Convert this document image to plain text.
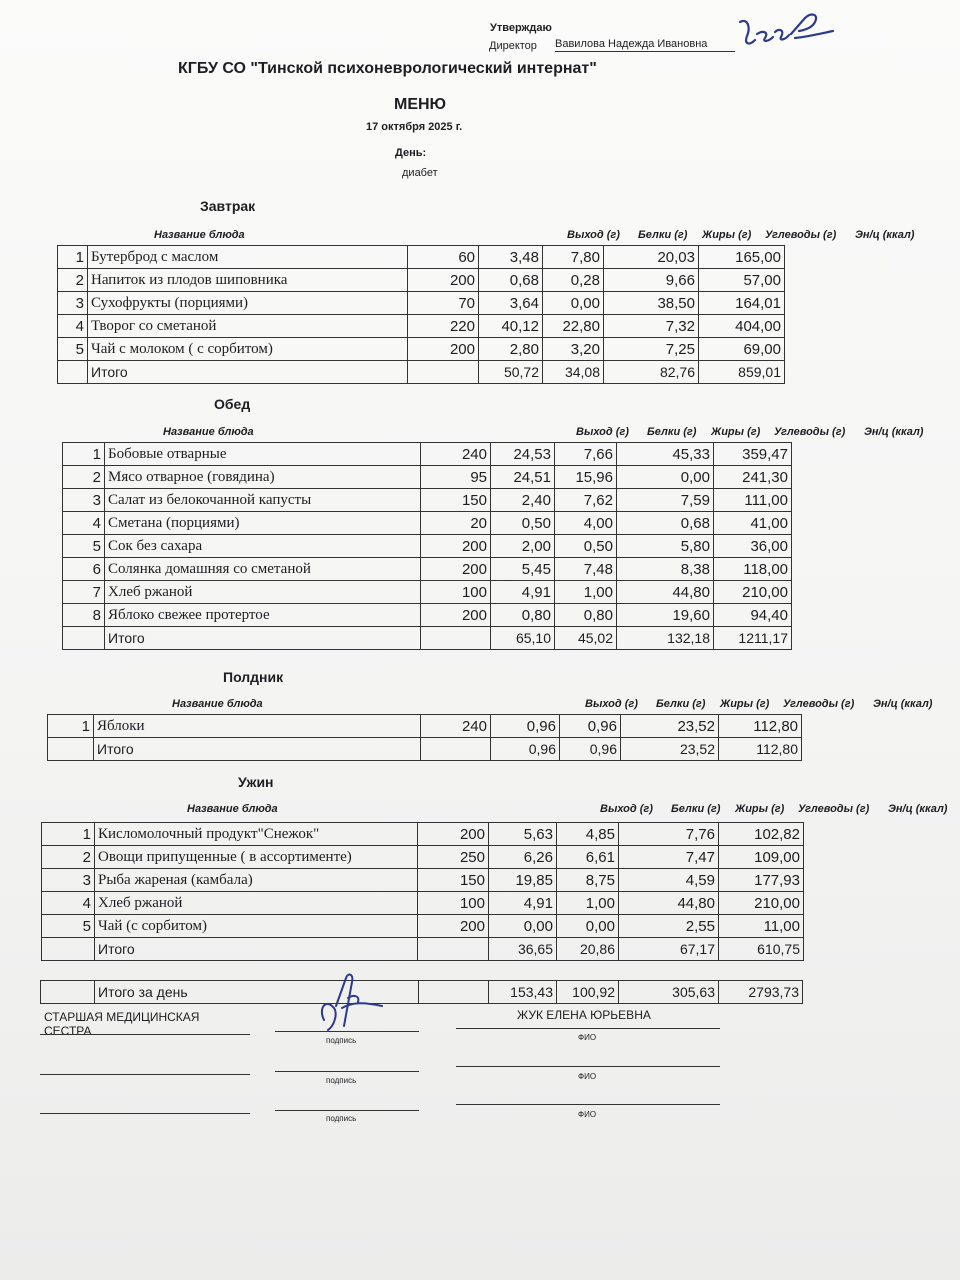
Утверждаю
Директор Вавилова Надежда Ивановна
КГБУ СО "Тинской психоневрологический интернат"
МЕНЮ
17 октября 2025 г.
День:
диабет
Завтрак
Название блюда	Выход (г) Белки (г) Жиры (г) Углеводы (г) Эн/ц (ккал)
1	Бутерброд с маслом	60	3,48	7,80	20,03	165,00
2	Напиток из плодов шиповника	200	0,68	0,28	9,66	57,00
3	Сухофрукты (порциями)	70	3,64	0,00	38,50	164,01
4	Творог со сметаной	220	40,12	22,80	7,32	404,00
5	Чай с молоком ( с сорбитом)	200	2,80	3,20	7,25	69,00
	Итого		50,72	34,08	82,76	859,01
Обед
Название блюда	Выход (г) Белки (г) Жиры (г) Углеводы (г) Эн/ц (ккал)
1	Бобовые отварные	240	24,53	7,66	45,33	359,47
2	Мясо отварное (говядина)	95	24,51	15,96	0,00	241,30
3	Салат из белокочанной капусты	150	2,40	7,62	7,59	111,00
4	Сметана (порциями)	20	0,50	4,00	0,68	41,00
5	Сок без сахара	200	2,00	0,50	5,80	36,00
6	Солянка домашняя со сметаной	200	5,45	7,48	8,38	118,00
7	Хлеб ржаной	100	4,91	1,00	44,80	210,00
8	Яблоко свежее протертое	200	0,80	0,80	19,60	94,40
	Итого		65,10	45,02	132,18	1211,17
Полдник
Название блюда	Выход (г) Белки (г) Жиры (г) Углеводы (г) Эн/ц (ккал)
1	Яблоки	240	0,96	0,96	23,52	112,80
	Итого		0,96	0,96	23,52	112,80
Ужин
Название блюда	Выход (г) Белки (г) Жиры (г) Углеводы (г) Эн/ц (ккал)
1	Кисломолочный продукт"Снежок"	200	5,63	4,85	7,76	102,82
2	Овощи припущенные ( в ассортименте)	250	6,26	6,61	7,47	109,00
3	Рыба жареная (камбала)	150	19,85	8,75	4,59	177,93
4	Хлеб ржаной	100	4,91	1,00	44,80	210,00
5	Чай (с сорбитом)	200	0,00	0,00	2,55	11,00
	Итого		36,65	20,86	67,17	610,75
	Итого за день		153,43	100,92	305,63	2793,73
СТАРШАЯ МЕДИЦИНСКАЯ СЕСТРА
ЖУК ЕЛЕНА ЮРЬЕВНА
подпись	ФИО
подпись	ФИО
подпись	ФИО
